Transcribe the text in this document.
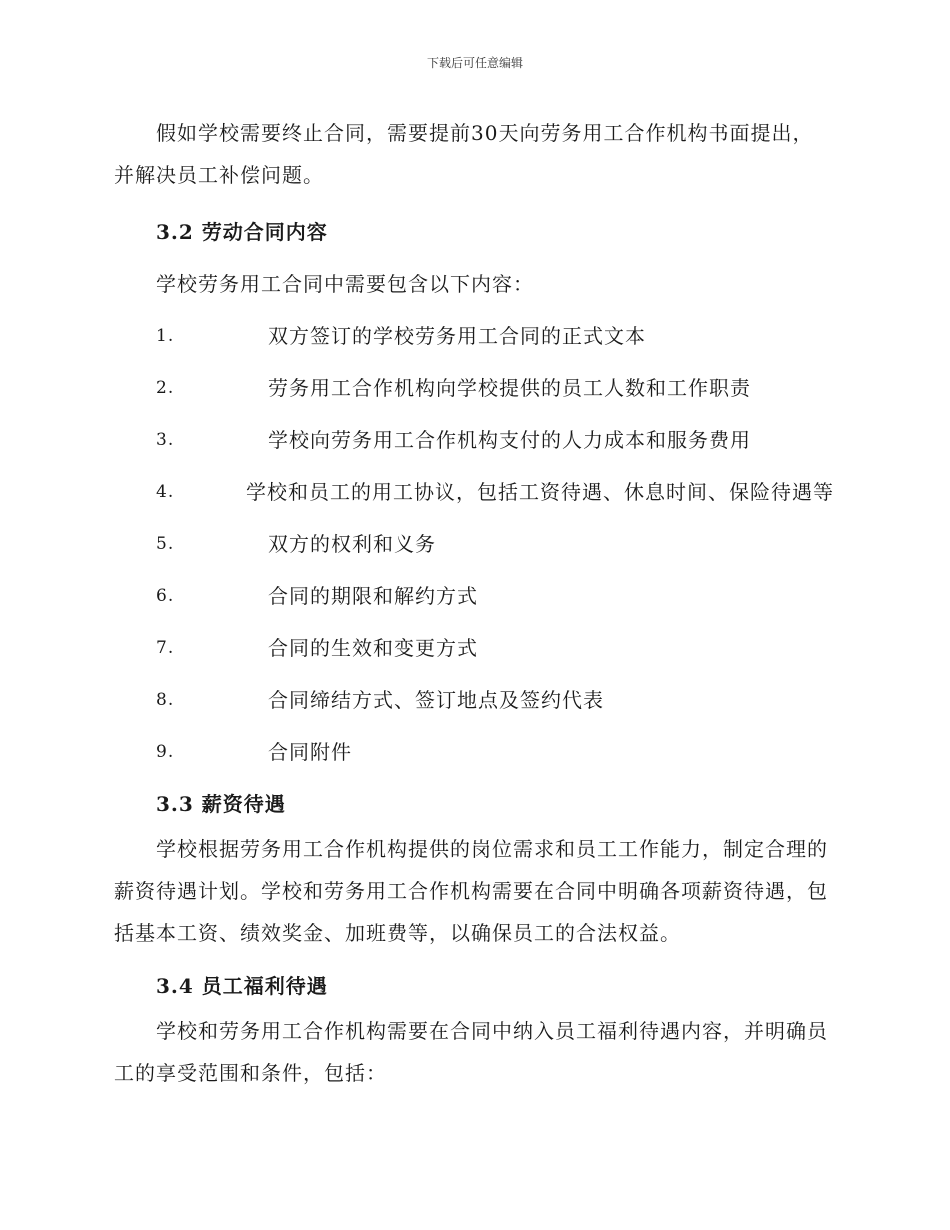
下载后可任意编辑

假如学校需要终止合同，需要提前30天向劳务用工合作机构书面提出，并解决员工补偿问题。

3.2 劳动合同内容

学校劳务用工合同中需要包含以下内容：

1.	双方签订的学校劳务用工合同的正式文本
2.	劳务用工合作机构向学校提供的员工人数和工作职责
3.	学校向劳务用工合作机构支付的人力成本和服务费用
4.	学校和员工的用工协议，包括工资待遇、休息时间、保险待遇等
5.	双方的权利和义务
6.	合同的期限和解约方式
7.	合同的生效和变更方式
8.	合同缔结方式、签订地点及签约代表
9.	合同附件
3.3 薪资待遇

学校根据劳务用工合作机构提供的岗位需求和员工工作能力，制定合理的薪资待遇计划。学校和劳务用工合作机构需要在合同中明确各项薪资待遇，包括基本工资、绩效奖金、加班费等，以确保员工的合法权益。

3.4 员工福利待遇

学校和劳务用工合作机构需要在合同中纳入员工福利待遇内容，并明确员工的享受范围和条件，包括：
